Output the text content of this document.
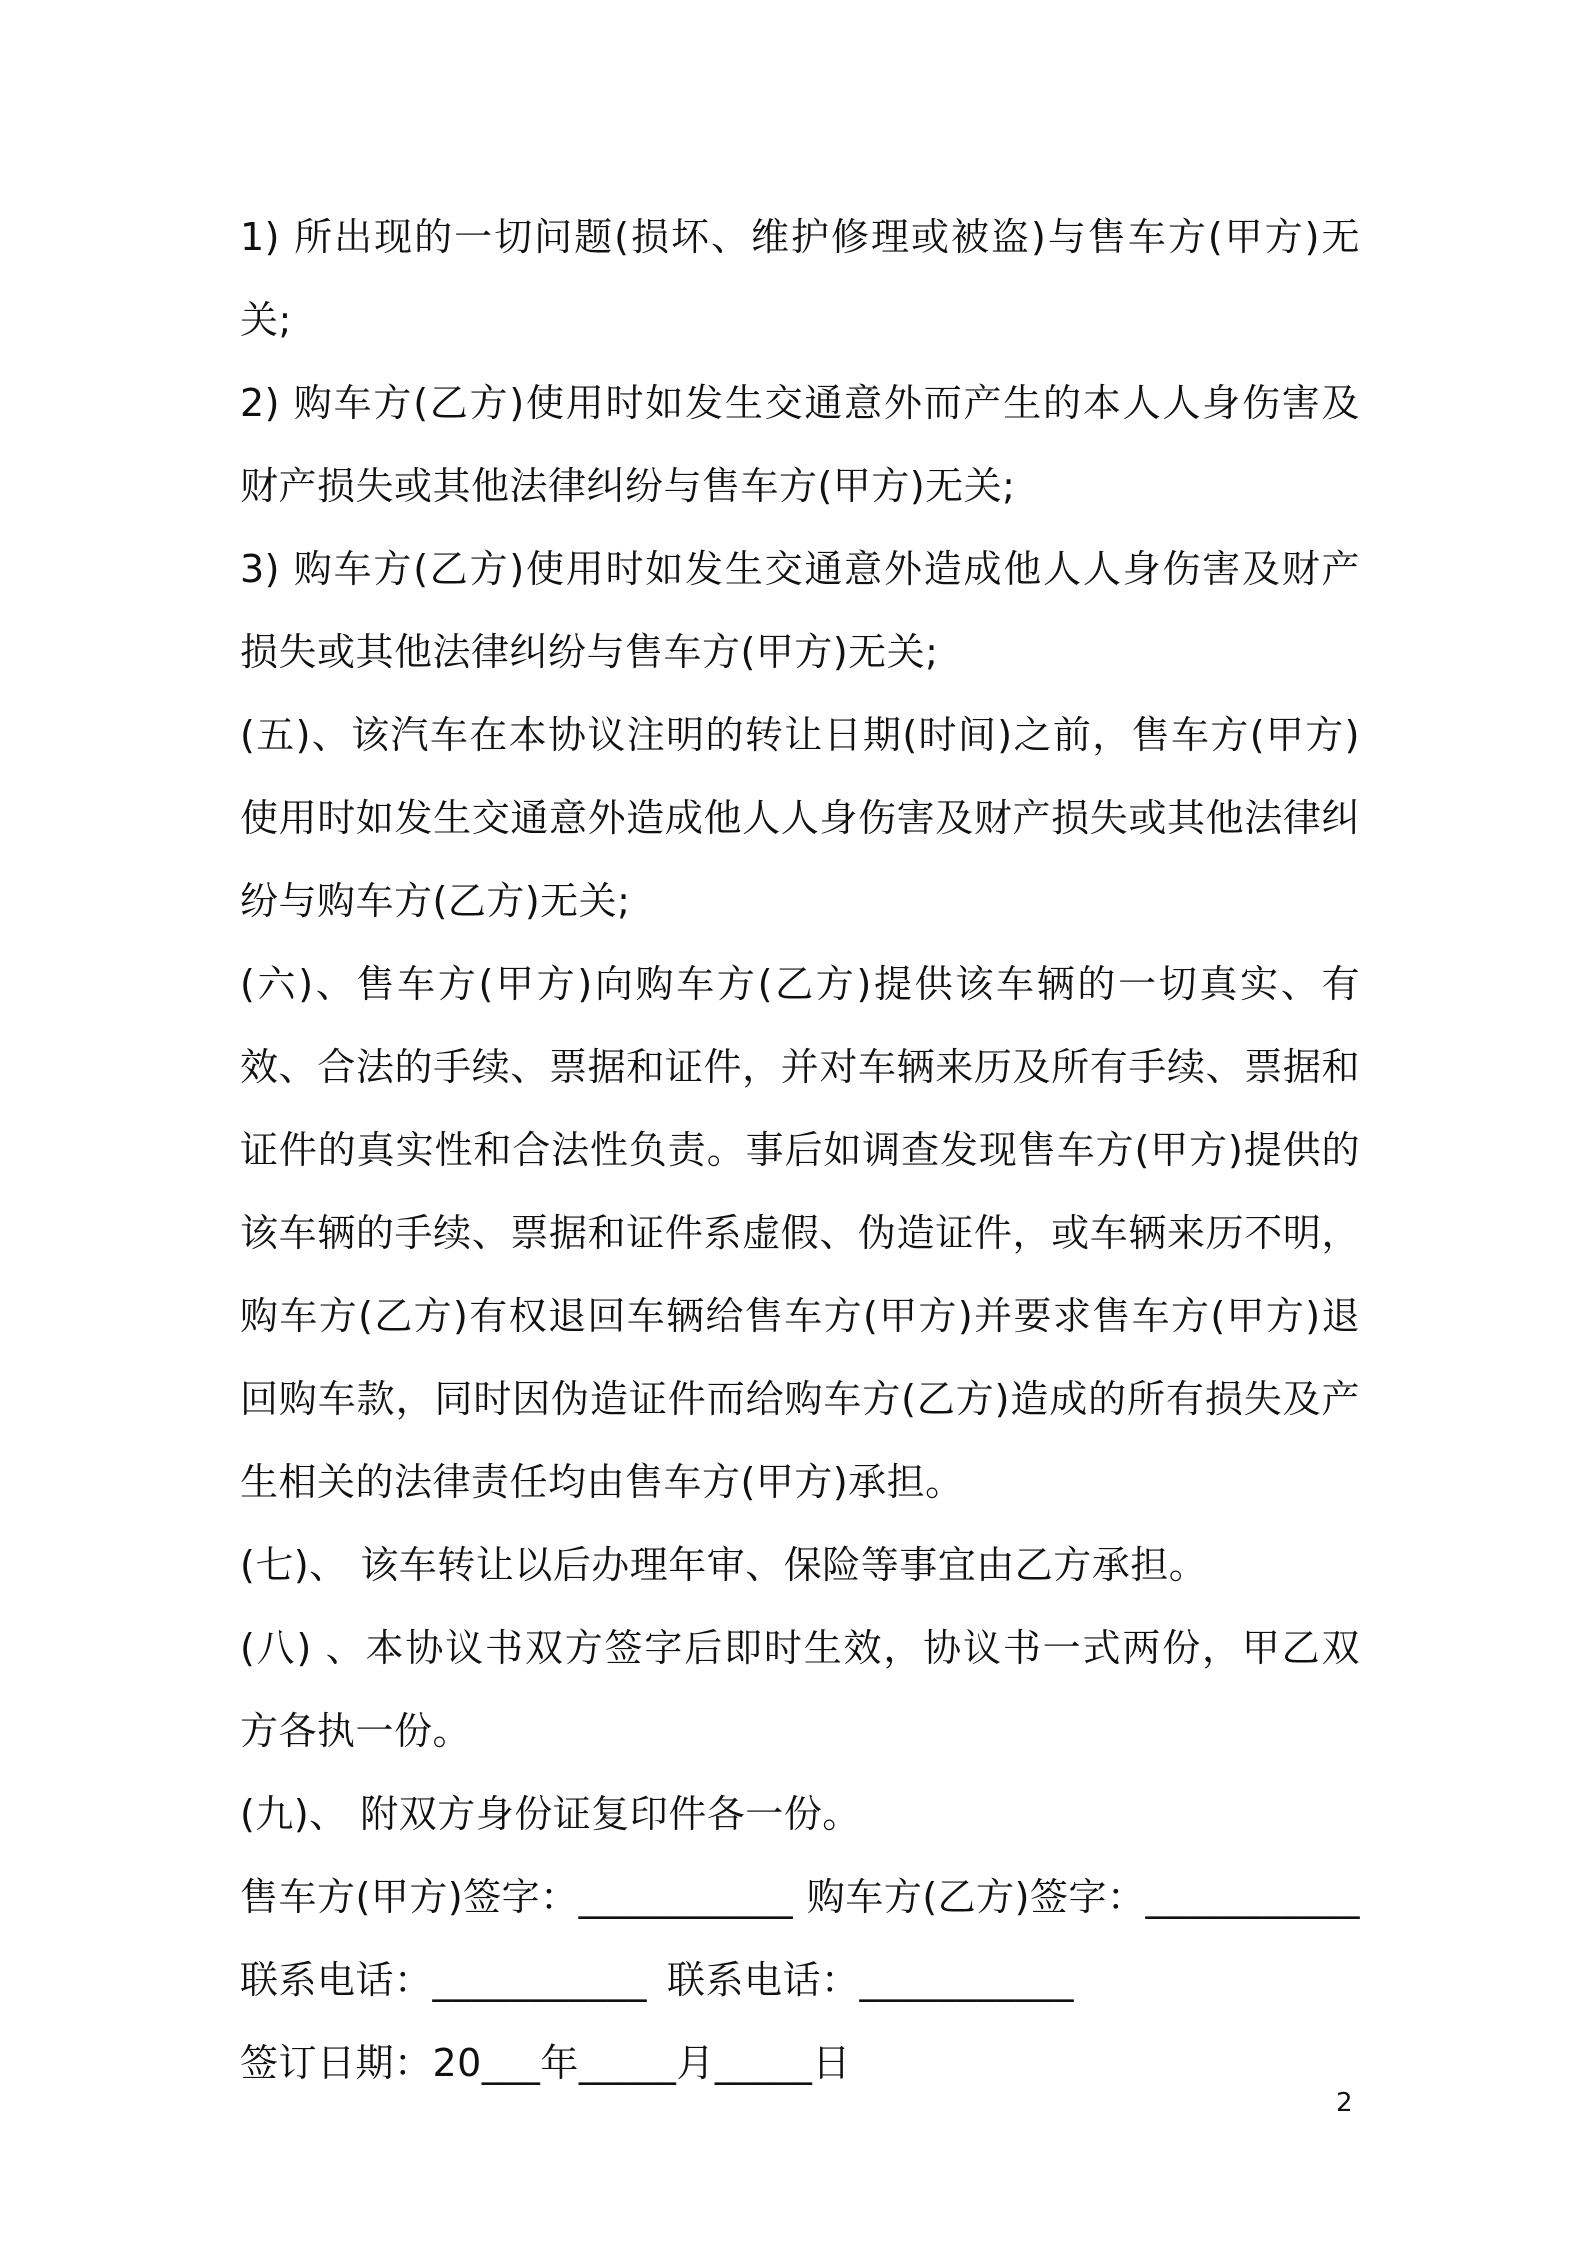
1) 所出现的一切问题(损坏、维护修理或被盗)与售车方(甲方)无关;

2) 购车方(乙方)使用时如发生交通意外而产生的本人人身伤害及财产损失或其他法律纠纷与售车方(甲方)无关;

3) 购车方(乙方)使用时如发生交通意外造成他人人身伤害及财产损失或其他法律纠纷与售车方(甲方)无关;

(五)、该汽车在本协议注明的转让日期(时间)之前，售车方(甲方)使用时如发生交通意外造成他人人身伤害及财产损失或其他法律纠纷与购车方(乙方)无关;

(六)、售车方(甲方)向购车方(乙方)提供该车辆的一切真实、有效、合法的手续、票据和证件，并对车辆来历及所有手续、票据和证件的真实性和合法性负责。事后如调查发现售车方(甲方)提供的该车辆的手续、票据和证件系虚假、伪造证件，或车辆来历不明，购车方(乙方)有权退回车辆给售车方(甲方)并要求售车方(甲方)退回购车款，同时因伪造证件而给购车方(乙方)造成的所有损失及产生相关的法律责任均由售车方(甲方)承担。

(七)、 该车转让以后办理年审、保险等事宜由乙方承担。

(八) 、本协议书双方签字后即时生效，协议书一式两份，甲乙双方各执一份。

(九)、 附双方身份证复印件各一份。

售车方(甲方)签字：___________ 购车方(乙方)签字：___________
联系电话：___________ 联系电话：___________
签订日期：20___年_____月_____日
2
